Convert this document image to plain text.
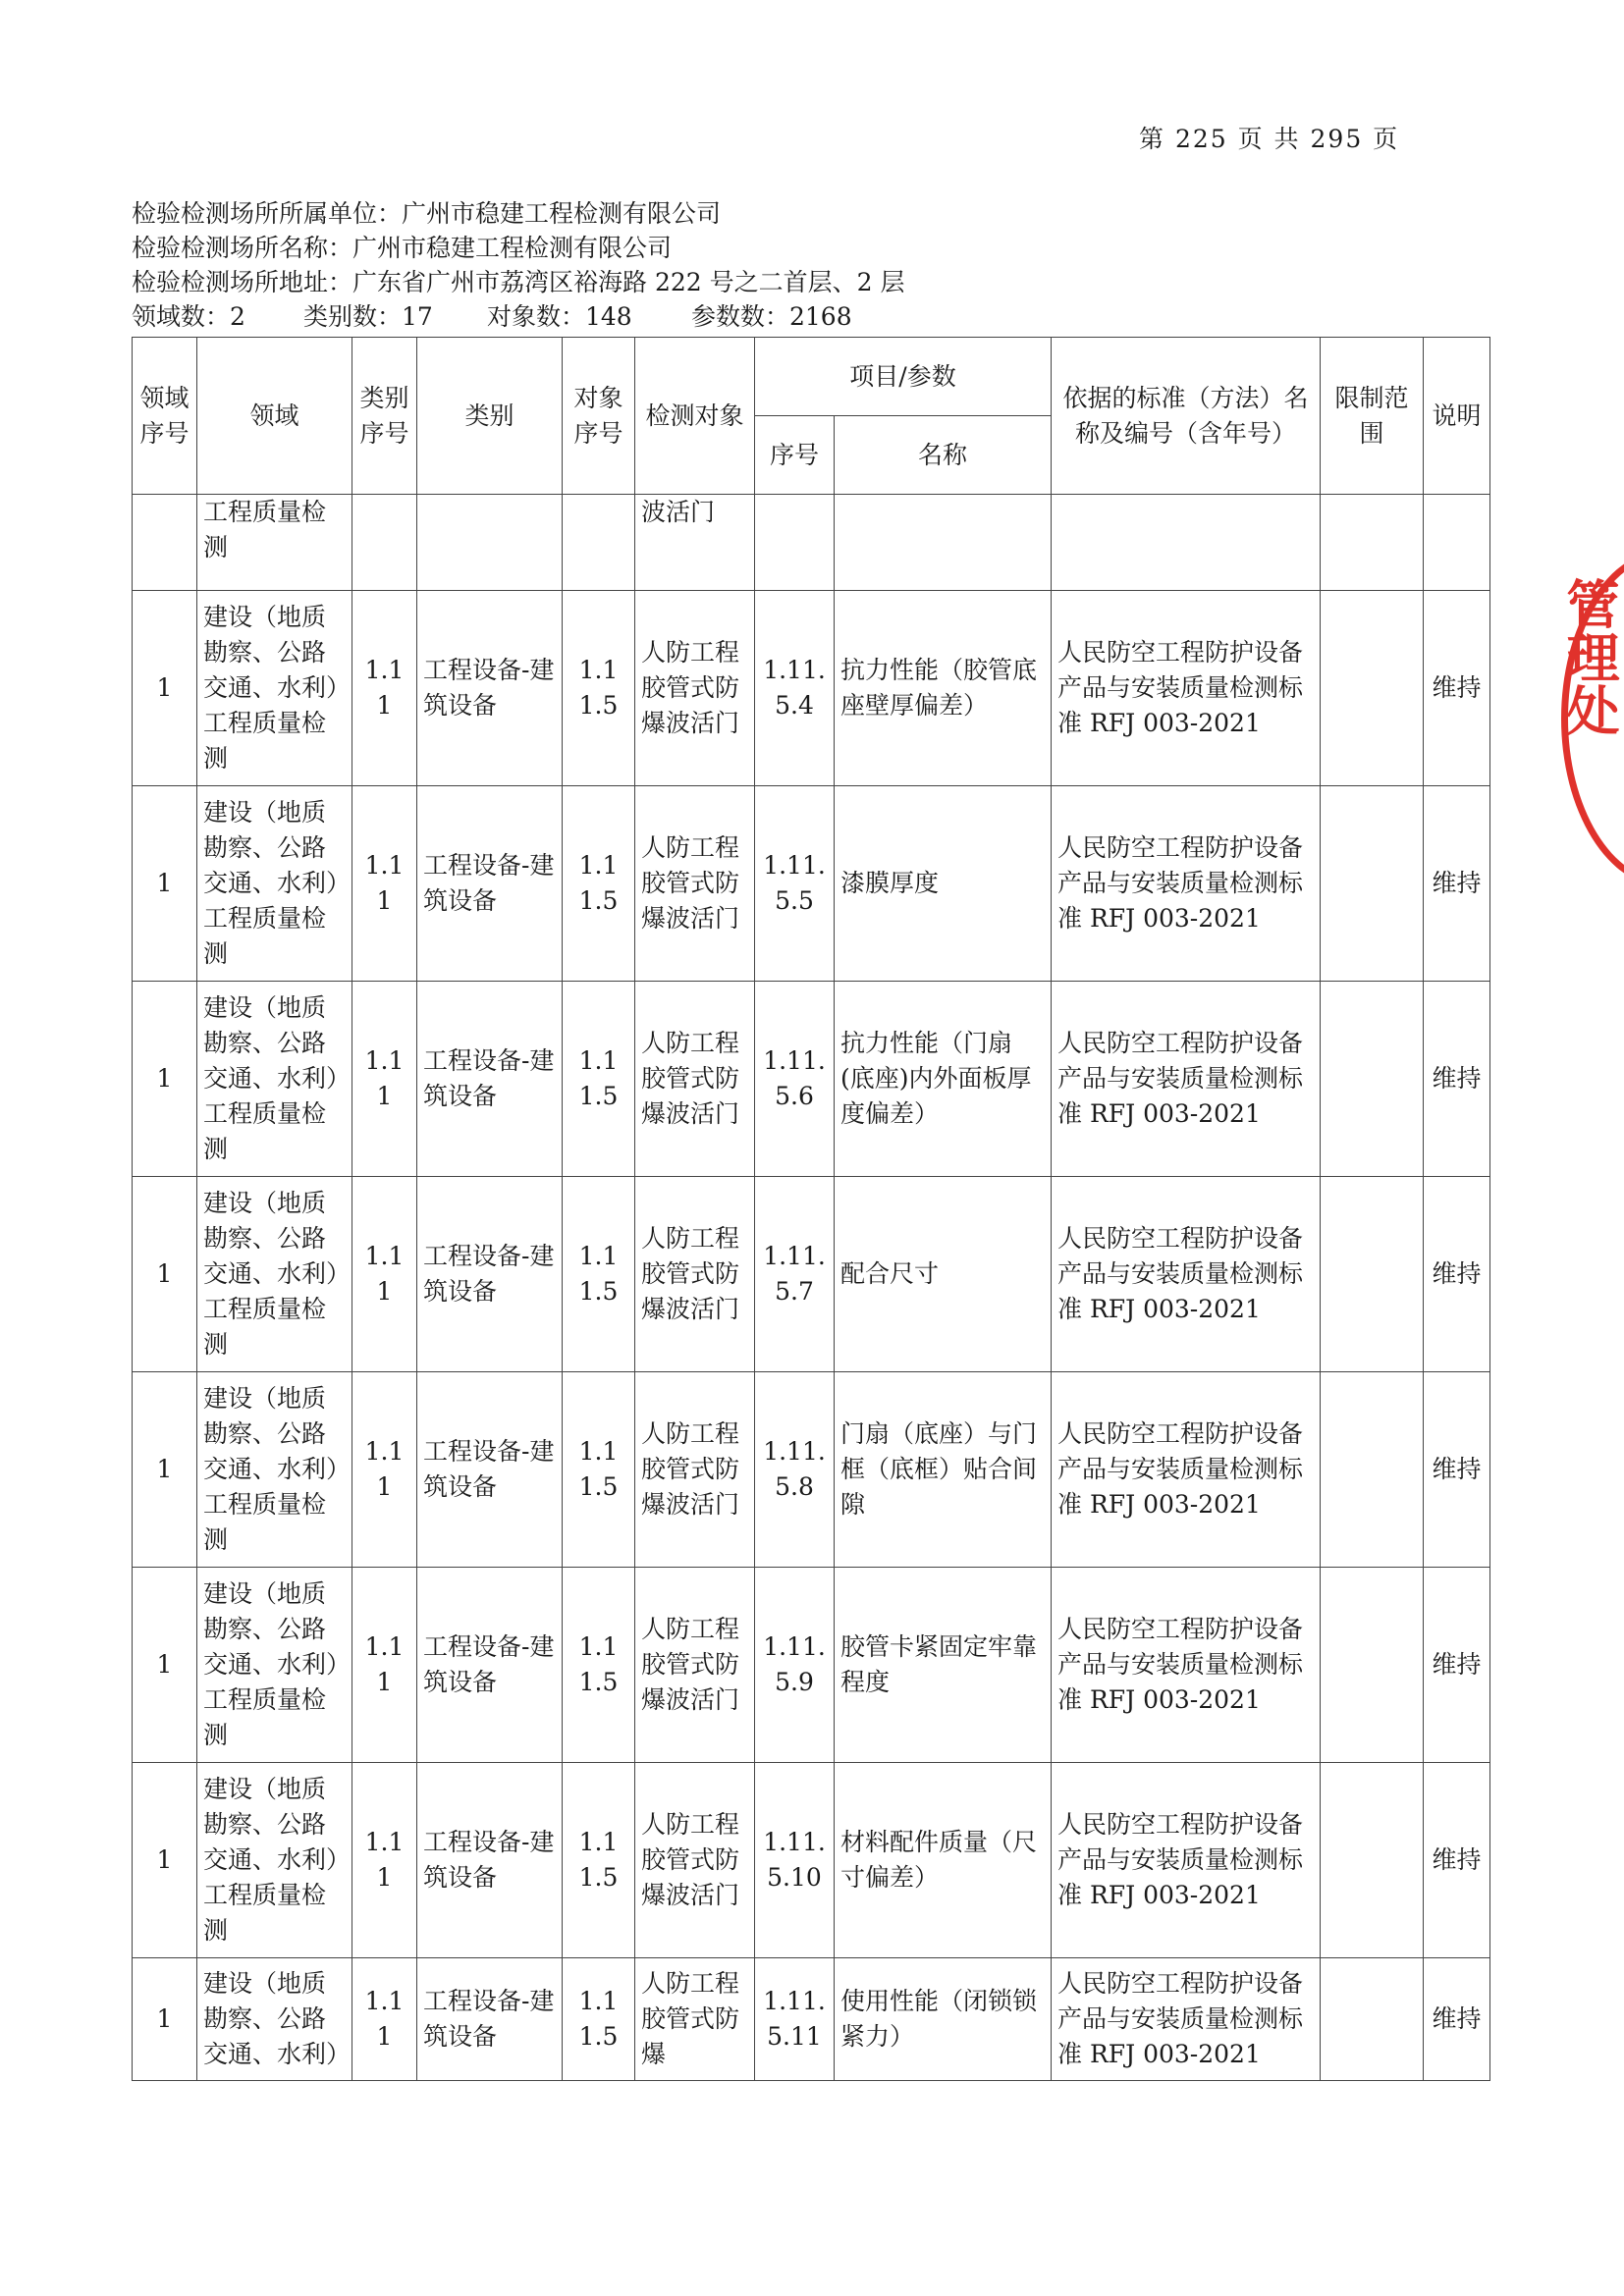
第 225 页 共 295 页
检验检测场所所属单位：广州市稳建工程检测有限公司
检验检测场所名称：广州市稳建工程检测有限公司
检验检测场所地址：广东省广州市荔湾区裕海路 222 号之二首层、2 层
领域数：2	类别数：17	对象数：148	参数数：2168
领域序号	领域	类别序号	类别	对象序号	检测对象	项目/参数		依据的标准（方法）名称及编号（含年号）	限制范围	说明
						序号	名称			
	工程质量检测				波活门					
1	建设（地质勘察、公路交通、水利）工程质量检测	1.11	工程设备-建筑设备	1.11.5	人防工程胶管式防爆波活门	1.11.5.4	抗力性能（胶管底座壁厚偏差）	人民防空工程防护设备产品与安装质量检测标准 RFJ 003-2021		维持
1	建设（地质勘察、公路交通、水利）工程质量检测	1.11	工程设备-建筑设备	1.11.5	人防工程胶管式防爆波活门	1.11.5.5	漆膜厚度	人民防空工程防护设备产品与安装质量检测标准 RFJ 003-2021		维持
1	建设（地质勘察、公路交通、水利）工程质量检测	1.11	工程设备-建筑设备	1.11.5	人防工程胶管式防爆波活门	1.11.5.6	抗力性能（门扇(底座)内外面板厚度偏差）	人民防空工程防护设备产品与安装质量检测标准 RFJ 003-2021		维持
1	建设（地质勘察、公路交通、水利）工程质量检测	1.11	工程设备-建筑设备	1.11.5	人防工程胶管式防爆波活门	1.11.5.7	配合尺寸	人民防空工程防护设备产品与安装质量检测标准 RFJ 003-2021		维持
1	建设（地质勘察、公路交通、水利）工程质量检测	1.11	工程设备-建筑设备	1.11.5	人防工程胶管式防爆波活门	1.11.5.8	门扇（底座）与门框（底框）贴合间隙	人民防空工程防护设备产品与安装质量检测标准 RFJ 003-2021		维持
1	建设（地质勘察、公路交通、水利）工程质量检测	1.11	工程设备-建筑设备	1.11.5	人防工程胶管式防爆波活门	1.11.5.9	胶管卡紧固定牢靠程度	人民防空工程防护设备产品与安装质量检测标准 RFJ 003-2021		维持
1	建设（地质勘察、公路交通、水利）工程质量检测	1.11	工程设备-建筑设备	1.11.5	人防工程胶管式防爆波活门	1.11.5.10	材料配件质量（尺寸偏差）	人民防空工程防护设备产品与安装质量检测标准 RFJ 003-2021		维持
1	建设（地质勘察、公路交通、水利）	1.11	工程设备-建筑设备	1.11.5	人防工程胶管式防爆	1.11.5.11	使用性能（闭锁锁紧力）	人民防空工程防护设备产品与安装质量检测标准 RFJ 003-2021		维持
管理处
